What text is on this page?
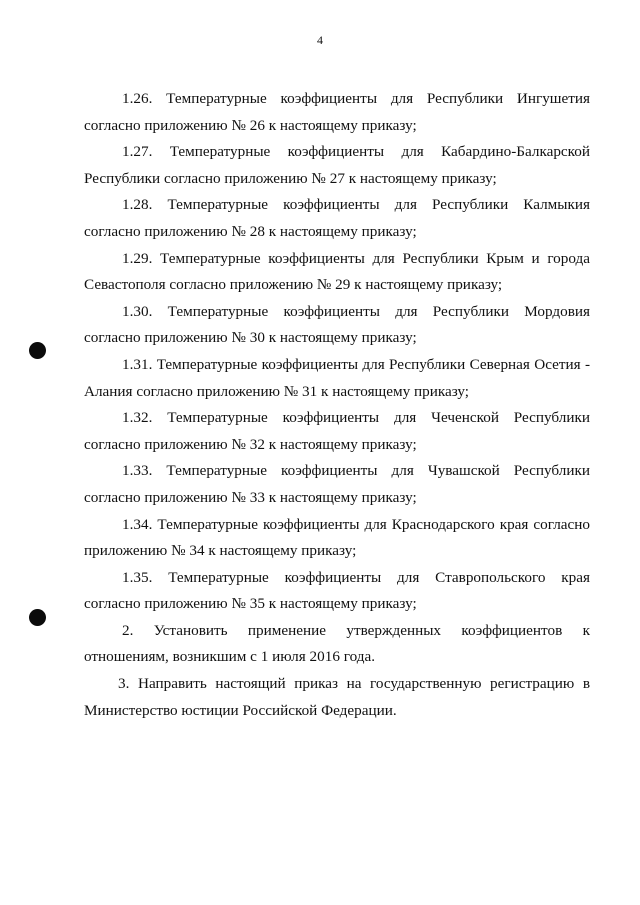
4

1.26. Температурные коэффициенты для Республики Ингушетия согласно приложению № 26 к настоящему приказу;

1.27. Температурные коэффициенты для Кабардино-Балкарской Республики согласно приложению № 27 к настоящему приказу;

1.28. Температурные коэффициенты для Республики Калмыкия согласно приложению № 28 к настоящему приказу;

1.29. Температурные коэффициенты для Республики Крым и города Севастополя согласно приложению № 29 к настоящему приказу;

1.30. Температурные коэффициенты для Республики Мордовия согласно приложению № 30 к настоящему приказу;

1.31. Температурные коэффициенты для Республики Северная Осетия - Алания согласно приложению № 31 к настоящему приказу;

1.32. Температурные коэффициенты для Чеченской Республики согласно приложению № 32 к настоящему приказу;

1.33. Температурные коэффициенты для Чувашской Республики согласно приложению № 33 к настоящему приказу;

1.34. Температурные коэффициенты для Краснодарского края согласно приложению № 34 к настоящему приказу;

1.35. Температурные коэффициенты для Ставропольского края согласно приложению № 35 к настоящему приказу;

2. Установить применение утвержденных коэффициентов к отношениям, возникшим с 1 июля 2016 года.

3. Направить настоящий приказ на государственную регистрацию в Министерство юстиции Российской Федерации.
